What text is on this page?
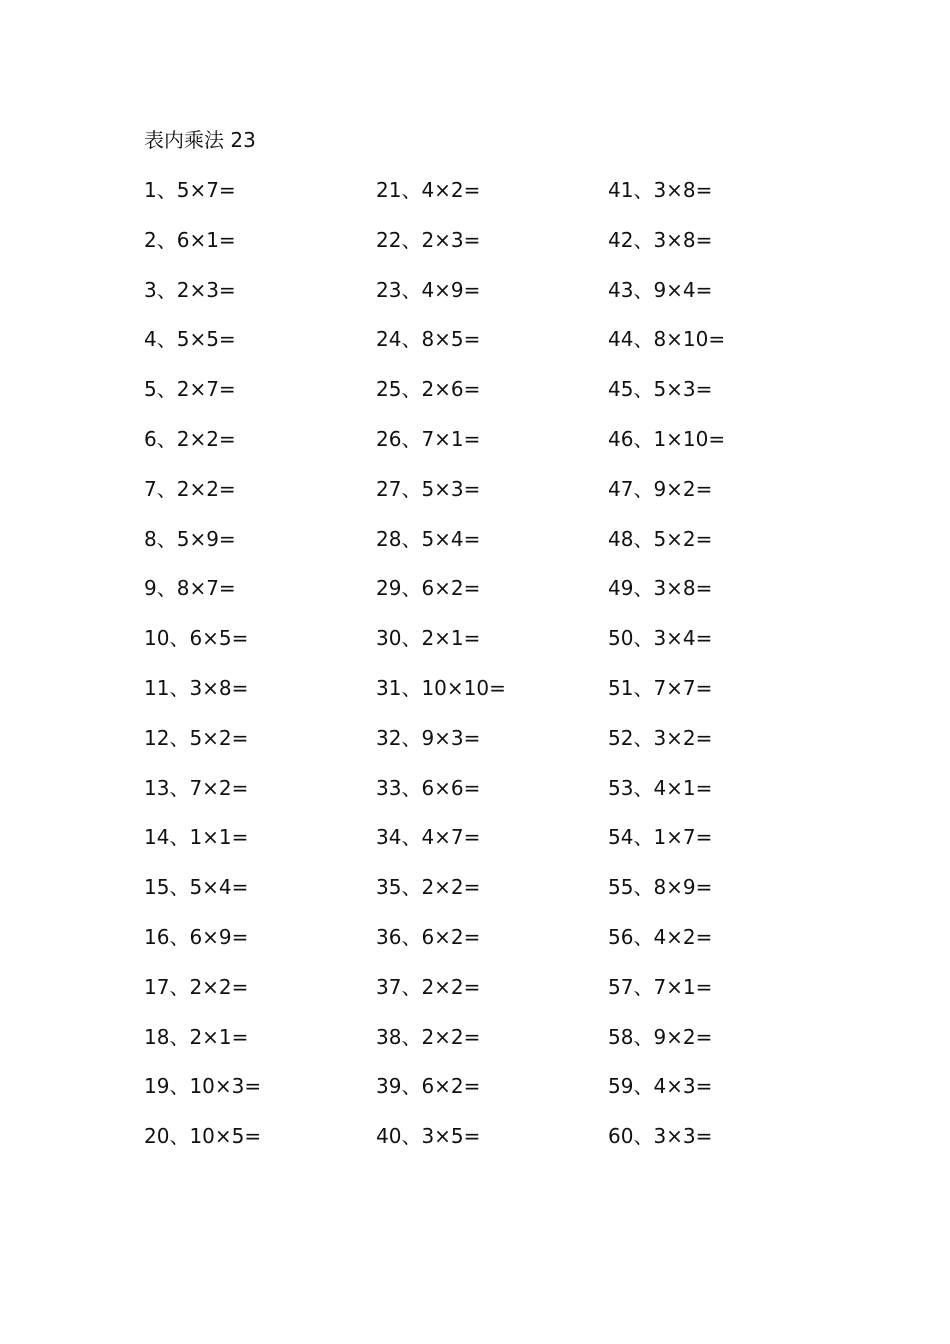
表内乘法 23
1、5×7=
2、6×1=
3、2×3=
4、5×5=
5、2×7=
6、2×2=
7、2×2=
8、5×9=
9、8×7=
10、6×5=
11、3×8=
12、5×2=
13、7×2=
14、1×1=
15、5×4=
16、6×9=
17、2×2=
18、2×1=
19、10×3=
20、10×5=
21、4×2=
22、2×3=
23、4×9=
24、8×5=
25、2×6=
26、7×1=
27、5×3=
28、5×4=
29、6×2=
30、2×1=
31、10×10=
32、9×3=
33、6×6=
34、4×7=
35、2×2=
36、6×2=
37、2×2=
38、2×2=
39、6×2=
40、3×5=
41、3×8=
42、3×8=
43、9×4=
44、8×10=
45、5×3=
46、1×10=
47、9×2=
48、5×2=
49、3×8=
50、3×4=
51、7×7=
52、3×2=
53、4×1=
54、1×7=
55、8×9=
56、4×2=
57、7×1=
58、9×2=
59、4×3=
60、3×3=
